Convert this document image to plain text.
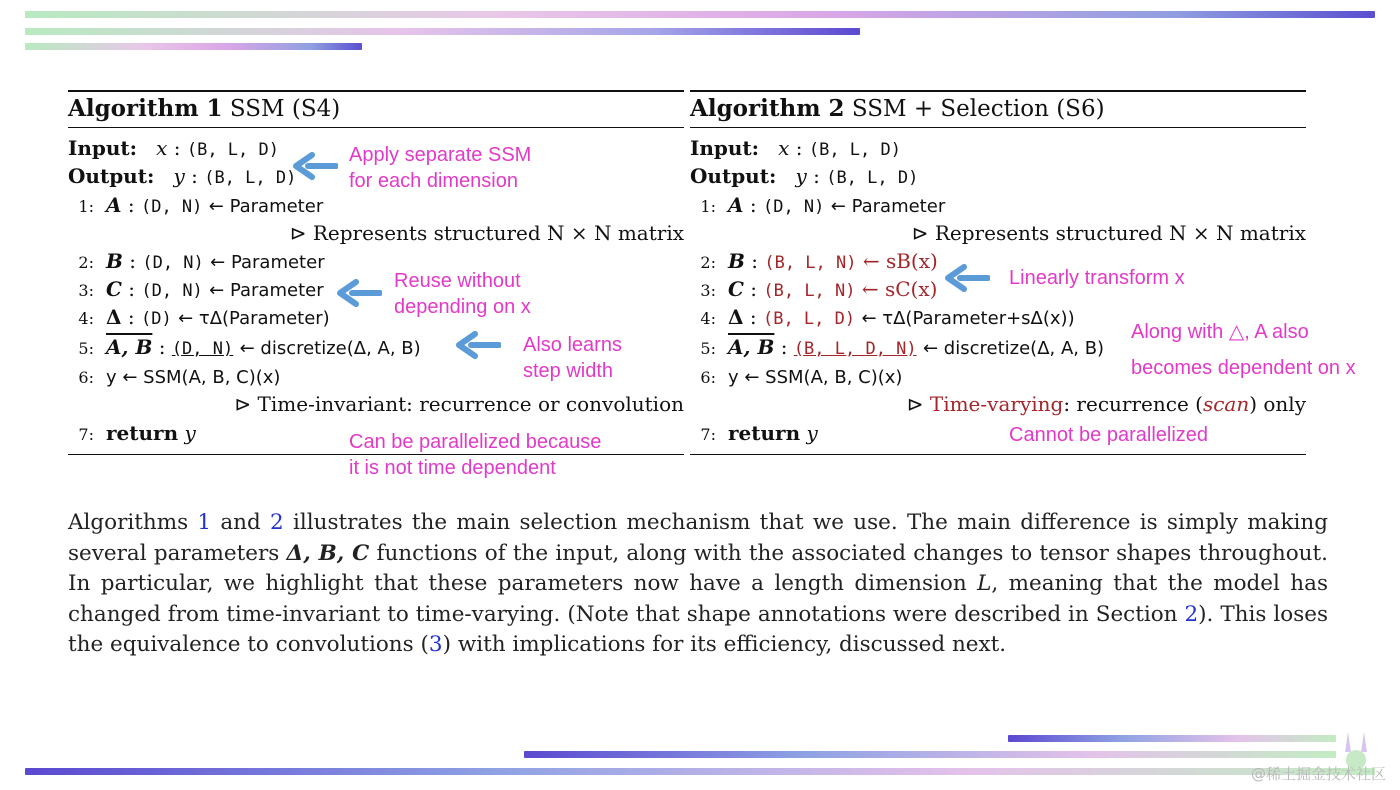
Algorithm 1 SSM (S4)
Input: x : (B, L, D)
Output: y : (B, L, D)
1: A : (D, N) ← Parameter
⊳ Represents structured N × N matrix
2: B : (D, N) ← Parameter
3: C : (D, N) ← Parameter
4: Δ : (D) ← τΔ(Parameter)
5: A, B : (D, N) ← discretize(Δ, A, B)
6: y ← SSM(A, B, C)(x)
⊳ Time-invariant: recurrence or convolution
7: return y
Apply separate SSM
for each dimension
Reuse without
depending on x
Also learns
step width
Can be parallelized because
it is not time dependent
Algorithm 2 SSM + Selection (S6)
Input: x : (B, L, D)
Output: y : (B, L, D)
1: A : (D, N) ← Parameter
⊳ Represents structured N × N matrix
2: B : (B, L, N) ← sB(x)
3: C : (B, L, N) ← sC(x)
4: Δ : (B, L, D) ← τΔ(Parameter+sΔ(x))
5: A, B : (B, L, D, N) ← discretize(Δ, A, B)
6: y ← SSM(A, B, C)(x)
⊳ Time-varying: recurrence (scan) only
7: return y
Linearly transform x
Along with △, A also
becomes dependent on x
Cannot be parallelized
Algorithms 1 and 2 illustrates the main selection mechanism that we use. The main difference is simply making several parameters Δ, B, C functions of the input, along with the associated changes to tensor shapes throughout. In particular, we highlight that these parameters now have a length dimension L, meaning that the model has changed from time-invariant to time-varying. (Note that shape annotations were described in Section 2). This loses the equivalence to convolutions (3) with implications for its efficiency, discussed next.
@稀土掘金技术社区
